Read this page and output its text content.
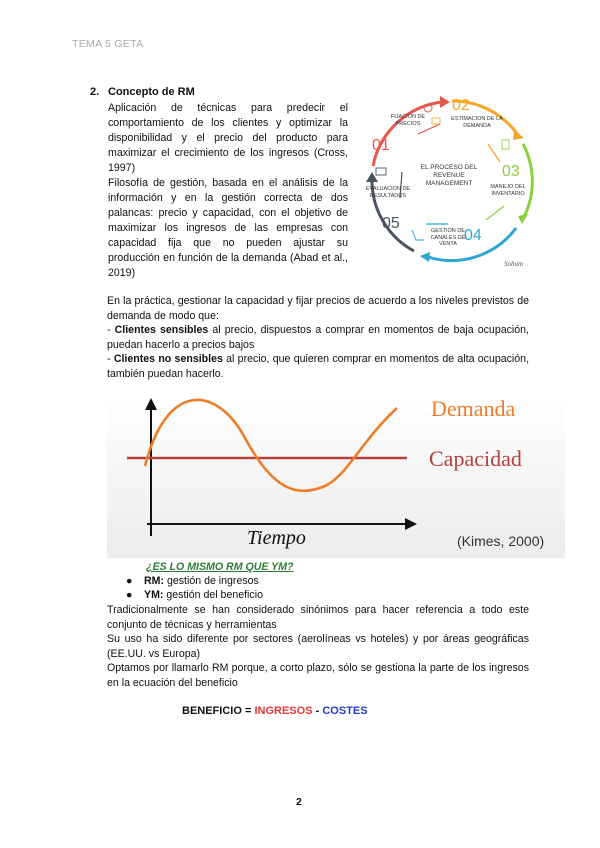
TEMA 5 GETA
2. Concepto de RM

Aplicación de técnicas para predecir el comportamiento de los clientes y optimizar la disponibilidad y el precio del producto para maximizar el crecimiento de los ingresos (Cross, 1997)

Filosofía de gestión, basada en el análisis de la información y en la gestión correcta de dos palancas: precio y capacidad, con el objetivo de maximizar los ingresos de las empresas con capacidad fija que no pueden ajustar su producción en función de la demanda (Abad et al., 2019)

01
02
03
04
05
FIJACIÓN DE PRECIOS
ESTIMACIÓN DE LA DEMANDA
MANEJO DEL INVENTARIO
GESTIÓN DE CANALES DE VENTA
EVALUACIÓN DE RESULTADOS
EL PROCESO DEL REVENUE MANAGEMENT
Sohum

En la práctica, gestionar la capacidad y fijar precios de acuerdo a los niveles previstos de demanda de modo que:

- Clientes sensibles al precio, dispuestos a comprar en momentos de baja ocupación, puedan hacerlo a precios bajos

- Clientes no sensibles al precio, que quieren comprar en momentos de alta ocupación, también puedan hacerlo.

Demanda
Capacidad
Tiempo	(Kimes, 2000)
¿ES LO MISMO RM QUE YM?
● RM: gestión de ingresos
● YM: gestión del beneficio

Tradicionalmente se han considerado sinónimos para hacer referencia a todo este conjunto de técnicas y herramientas

Su uso ha sido diferente por sectores (aerolíneas vs hoteles) y por áreas geográficas (EE.UU. vs Europa)

Optamos por llamarlo RM porque, a corto plazo, sólo se gestiona la parte de los ingresos en la ecuación del beneficio

BENEFICIO = INGRESOS - COSTES
2
